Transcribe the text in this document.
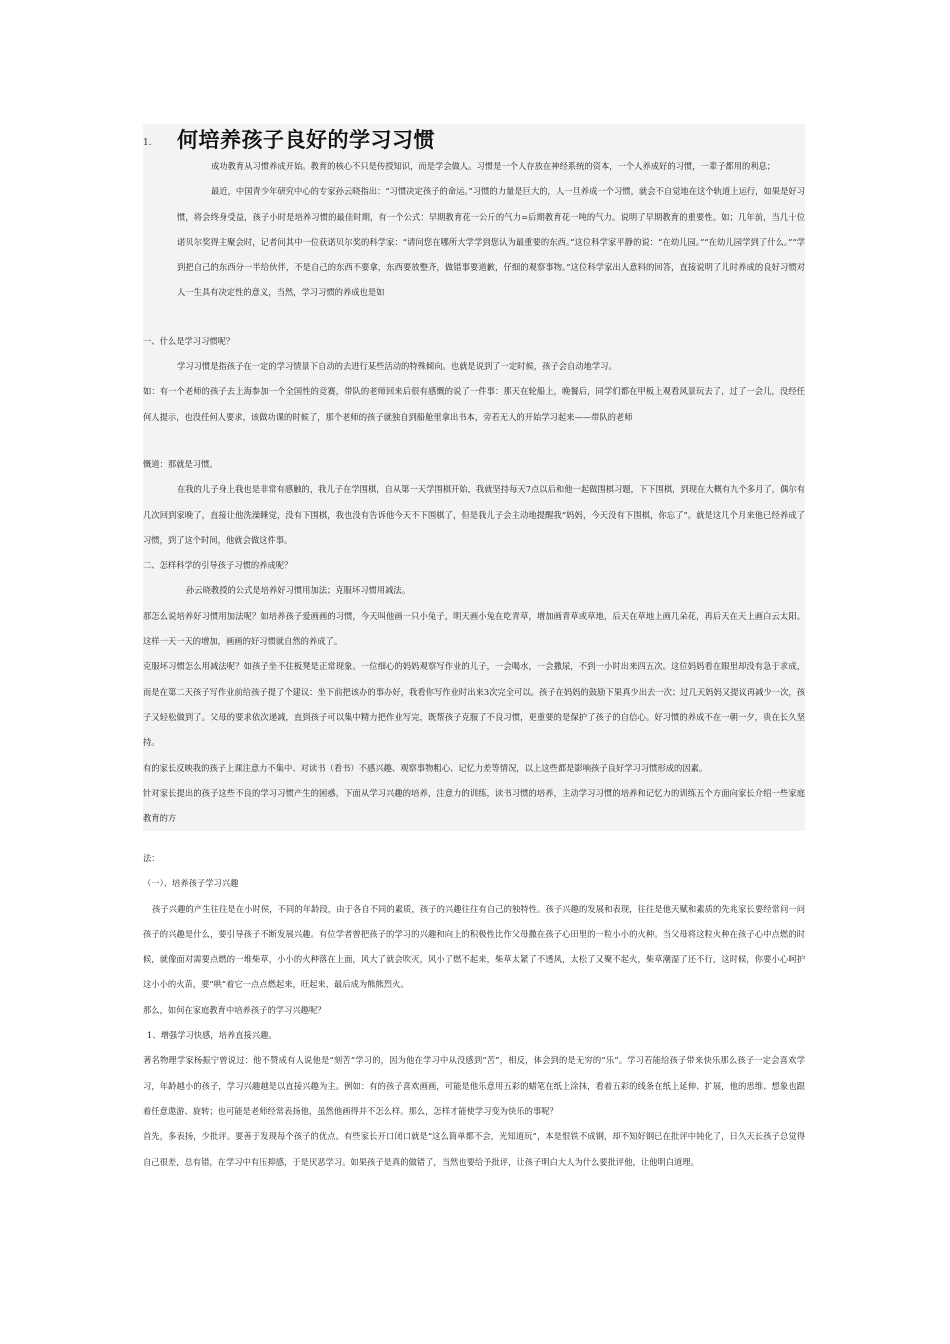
1. 何培养孩子良好的学习习惯

成功教育从习惯养成开始。教育的核心不只是传授知识，而是学会做人。习惯是一个人存放在神经系统的资本，一个人养成好的习惯，一辈子都用的利息；

最近，中国青少年研究中心的专家孙云晓指出：“习惯决定孩子的命运。”习惯的力量是巨大的，人一旦养成一个习惯，就会不自觉地在这个轨道上运行，如果是好习惯，将会终身受益，孩子小时是培养习惯的最佳时期，有一个公式：早期教育花一公斤的气力=后期教育花一吨的气力。说明了早期教育的重要性。如；几年前，当几十位诺贝尔奖得主聚会时，记者问其中一位获诺贝尔奖的科学家：“请问您在哪所大学学到您认为最重要的东西。”这位科学家平静的说：“在幼儿园。”“在幼儿园学到了什么。”“学到把自己的东西分一半给伙伴，不是自己的东西不要拿，东西要放整齐，做错事要道歉，仔细的观察事物。”这位科学家出人意料的回答，直接说明了儿时养成的良好习惯对人一生具有决定性的意义，当然，学习习惯的养成也是如

一、什么是学习习惯呢？

学习习惯是指孩子在一定的学习情景下自动的去进行某些活动的特殊倾向。也就是说到了一定时候，孩子会自动地学习。

如：有一个老师的孩子去上海参加一个全国性的竞赛，带队的老师回来后很有感慨的说了一件事：那天在轮船上，晚餐后，同学们都在甲板上观看风景玩去了，过了一会儿，没经任何人提示，也没任何人要求，该做功课的时候了，那个老师的孩子就独自到船舱里拿出书本，旁若无人的开始学习起来——带队的老师

慨道：那就是习惯。

在我的儿子身上我也是非常有感触的，我儿子在学围棋，自从第一天学围棋开始，我就坚持每天7点以后和他一起做围棋习题，下下围棋，到现在大概有九个多月了，偶尔有几次回到家晚了，直接让他洗澡睡觉，没有下围棋，我也没有告诉他今天不下围棋了，但是我儿子会主动地提醒我“妈妈，今天没有下围棋，你忘了”。就是这几个月来他已经养成了习惯，到了这个时间，他就会做这件事。

二、怎样科学的引导孩子习惯的养成呢？

孙云晓教授的公式是培养好习惯用加法；克服坏习惯用减法。

那怎么说培养好习惯用加法呢？如培养孩子爱画画的习惯，今天叫他画一只小兔子，明天画小兔在吃青草，增加画青草或草地，后天在草地上画几朵花，再后天在天上画白云太阳。这样一天一天的增加，画画的好习惯就自然的养成了。

克服坏习惯怎么用减法呢？如孩子坐不住板凳是正常现象。一位细心的妈妈观察写作业的儿子，一会喝水，一会撒尿，不到一小时出来四五次。这位妈妈看在眼里却没有急于求成，而是在第二天孩子写作业前给孩子提了个建议：坐下前把该办的事办好，我看你写作业时出来3次完全可以。孩子在妈妈的鼓励下果真少出去一次；过几天妈妈又提议再减少一次，孩子又轻松做到了。父母的要求依次递减，直到孩子可以集中精力把作业写完，既帮孩子克服了不良习惯，更重要的是保护了孩子的自信心。好习惯的养成不在一朝一夕，贵在长久坚持。

有的家长反映我的孩子上课注意力不集中、对读书（看书）不感兴趣、观察事物粗心、记忆力差等情况，以上这些都是影响孩子良好学习习惯形成的因素。

针对家长提出的孩子这些不良的学习习惯产生的困惑，下面从学习兴趣的培养，注意力的训练，读书习惯的培养，主动学习习惯的培养和记忆力的训练五个方面向家长介绍一些家庭教育的方

法：

（一）、培养孩子学习兴趣

孩子兴趣的产生往往是在小时侯，不同的年龄段，由于各自不同的素质，孩子的兴趣往往有自己的独特性。孩子兴趣的发展和表现，往往是他天赋和素质的先兆家长要经常问一问孩子的兴趣是什么，要引导孩子不断发展兴趣。有位学者曾把孩子的学习的兴趣和向上的积极性比作父母撒在孩子心田里的一粒小小的火种。当父母将这粒火种在孩子心中点燃的时候，就像面对需要点燃的一堆柴草，小小的火种落在上面，风大了就会吹灭，风小了燃不起来，柴草太紧了不透风，太松了又聚不起火，柴草潮湿了还不行，这时候，你要小心呵护这小小的火苗，要“哄”着它一点点燃起来，旺起来，最后成为熊熊烈火。

那么，如何在家庭教育中培养孩子的学习兴趣呢？

1、增强学习快感，培养直接兴趣。

著名物理学家杨振宁曾说过：他不赞成有人说他是“刻苦”学习的，因为他在学习中从没感到“苦”，相反，体会到的是无穷的“乐”。学习若能给孩子带来快乐那么孩子一定会喜欢学习，年龄越小的孩子，学习兴趣越是以直接兴趣为主。例如：有的孩子喜欢画画，可能是他乐意用五彩的蜡笔在纸上涂抹，看着五彩的线条在纸上延伸、扩展，他的思维、想象也跟着任意遨游、旋转；也可能是老师经常表扬他，虽然他画得并不怎么样。那么，怎样才能使学习变为快乐的事呢？

首先，多表扬，少批评。要善于发现每个孩子的优点。有些家长开口闭口就是“这么简单都不会，光知道玩”，本是恨铁不成钢，却不知好钢已在批评中钝化了，日久天长孩子总觉得自己很差，总有错，在学习中有压抑感，于是厌恶学习。如果孩子是真的做错了，当然也要给予批评，让孩子明白大人为什么要批评他，让他明白道理。
